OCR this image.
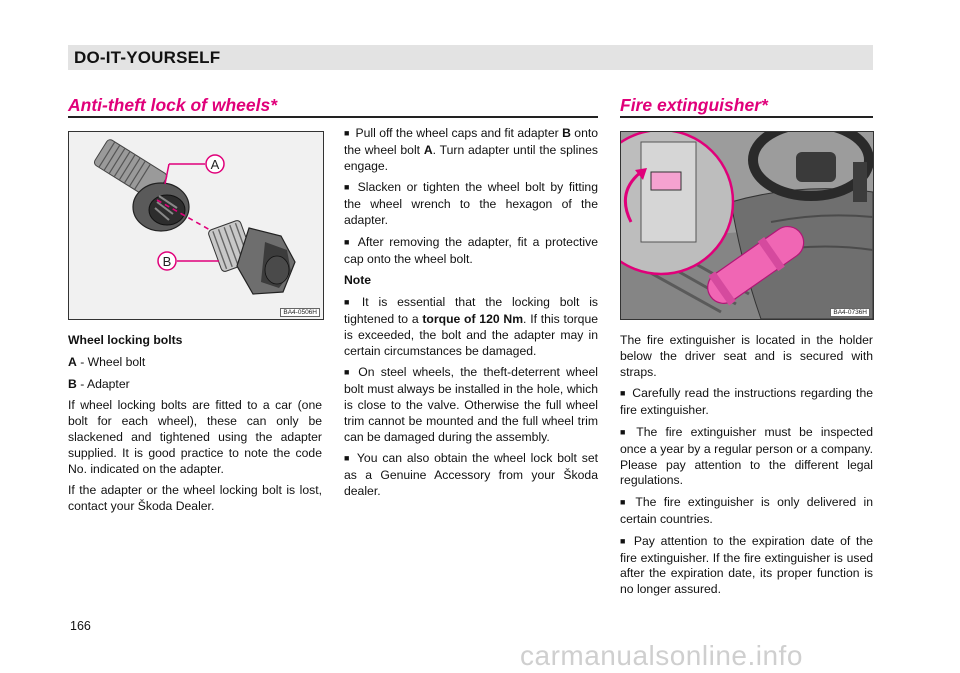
DO-IT-YOURSELF
Anti-theft lock of wheels*
A
B
BA4-0506H

Wheel locking bolts

A - Wheel bolt

B - Adapter

If wheel locking bolts are fitted to a car (one bolt for each wheel), these can only be slackened and tightened using the adapter supplied. It is good practice to note the code No. indicated on the adapter.

If the adapter or the wheel locking bolt is lost, contact your Škoda Dealer.

■ Pull off the wheel caps and fit adapter B onto the wheel bolt A. Turn adapter until the splines engage.

■ Slacken or tighten the wheel bolt by fitting the wheel wrench to the hexagon of the adapter.

■ After removing the adapter, fit a protective cap onto the wheel bolt.

Note

■ It is essential that the locking bolt is tightened to a torque of 120 Nm. If this torque is exceeded, the bolt and the adapter may in certain circumstances be damaged.

■ On steel wheels, the theft-deterrent wheel bolt must always be installed in the hole, which is close to the valve. Otherwise the full wheel trim cannot be mounted and the full wheel trim can be damaged during the assembly.

■ You can also obtain the wheel lock bolt set as a Genuine Accessory from your Škoda dealer.

Fire extinguisher*
BA4-0736H

The fire extinguisher is located in the holder below the driver seat and is secured with straps.

■ Carefully read the instructions regarding the fire extinguisher.

■ The fire extinguisher must be inspected once a year by a regular person or a company. Please pay attention to the different legal regulations.

■ The fire extinguisher is only delivered in certain countries.

■ Pay attention to the expiration date of the fire extinguisher. If the fire extinguisher is used after the expiration date, its proper function is no longer assured.

166
carmanualsonline.info
